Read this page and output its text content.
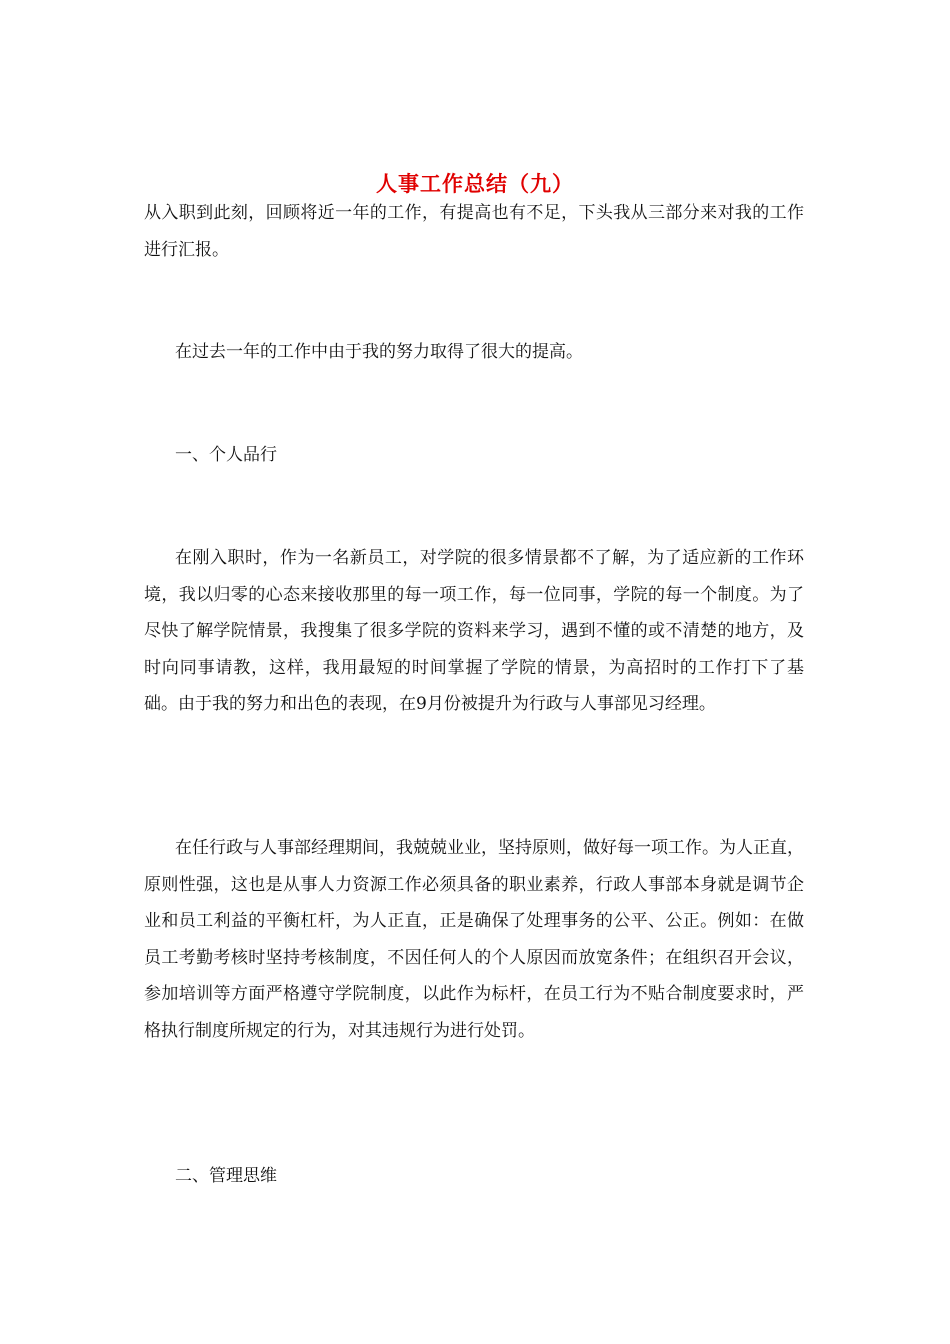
人事工作总结（九）

从入职到此刻，回顾将近一年的工作，有提高也有不足，下头我从三部分来对我的工作进行汇报。

在过去一年的工作中由于我的努力取得了很大的提高。

一、个人品行

在刚入职时，作为一名新员工，对学院的很多情景都不了解，为了适应新的工作环境，我以归零的心态来接收那里的每一项工作，每一位同事，学院的每一个制度。为了尽快了解学院情景，我搜集了很多学院的资料来学习，遇到不懂的或不清楚的地方，及时向同事请教，这样，我用最短的时间掌握了学院的情景，为高招时的工作打下了基础。由于我的努力和出色的表现，在9月份被提升为行政与人事部见习经理。

在任行政与人事部经理期间，我兢兢业业，坚持原则，做好每一项工作。为人正直，原则性强，这也是从事人力资源工作必须具备的职业素养，行政人事部本身就是调节企业和员工利益的平衡杠杆，为人正直，正是确保了处理事务的公平、公正。例如：在做员工考勤考核时坚持考核制度，不因任何人的个人原因而放宽条件；在组织召开会议，参加培训等方面严格遵守学院制度，以此作为标杆，在员工行为不贴合制度要求时，严格执行制度所规定的行为，对其违规行为进行处罚。

二、管理思维
